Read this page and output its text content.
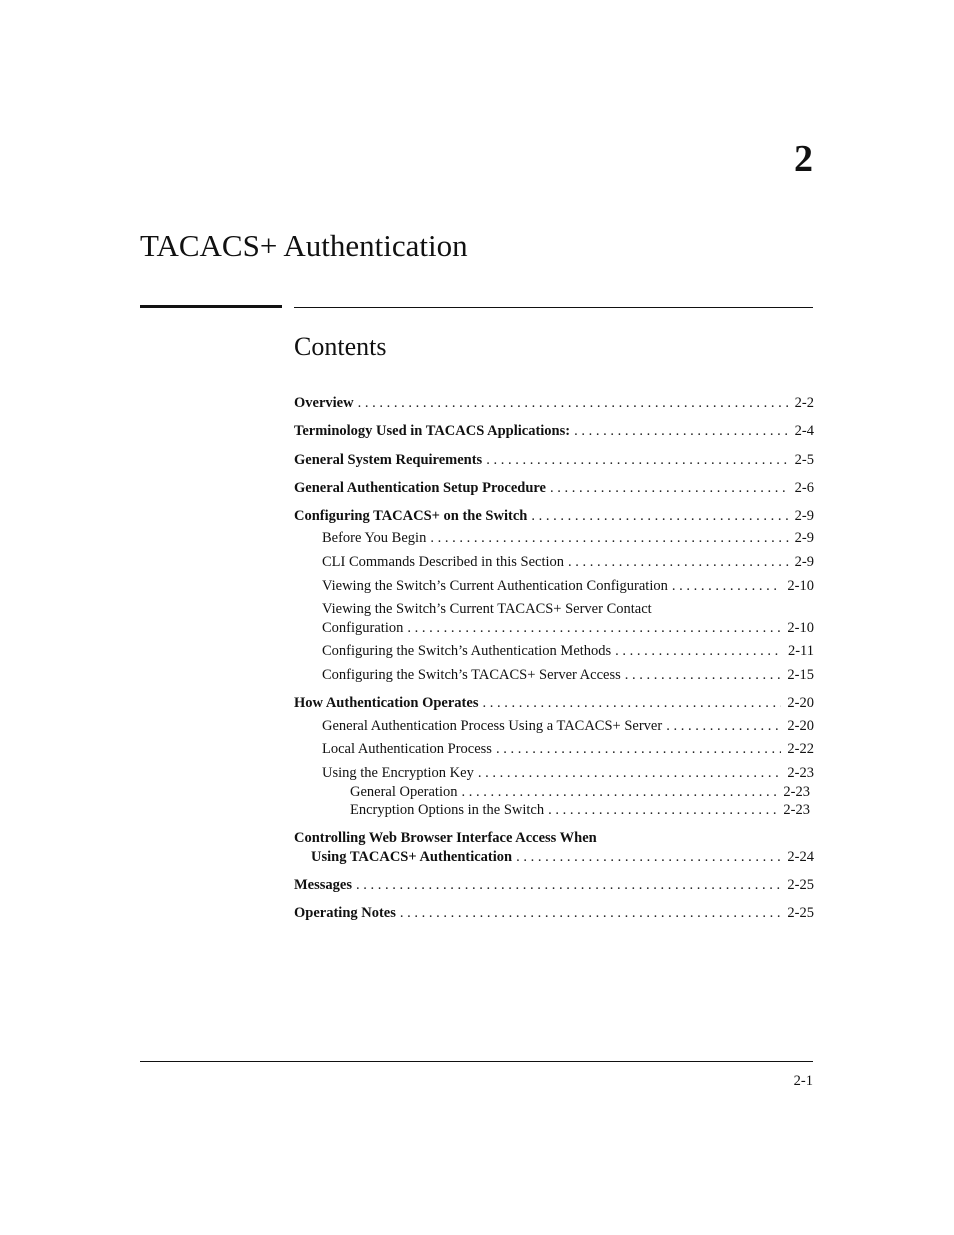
2
TACACS+ Authentication
Contents
Overview . . .	2-2
Terminology Used in TACACS Applications: . . .	2-4
General System Requirements . . .	2-5
General Authentication Setup Procedure . . .	2-6
Configuring TACACS+ on the Switch . . .	2-9
Before You Begin . . .	2-9
CLI Commands Described in this Section . . .	2-9
Viewing the Switch’s Current Authentication Configuration . . .	2-10
Viewing the Switch’s Current TACACS+ Server Contact
Configuration . . .	2-10
Configuring the Switch’s Authentication Methods . . .	2-11
Configuring the Switch’s TACACS+ Server Access . . .	2-15
How Authentication Operates . . .	2-20
General Authentication Process Using a TACACS+ Server . . .	2-20
Local Authentication Process . . .	2-22
Using the Encryption Key . . .	2-23
General Operation . . .	2-23
Encryption Options in the Switch . . .	2-23
Controlling Web Browser Interface Access When
Using TACACS+ Authentication . . .	2-24
Messages . . .	2-25
Operating Notes . . .	2-25
2-1
